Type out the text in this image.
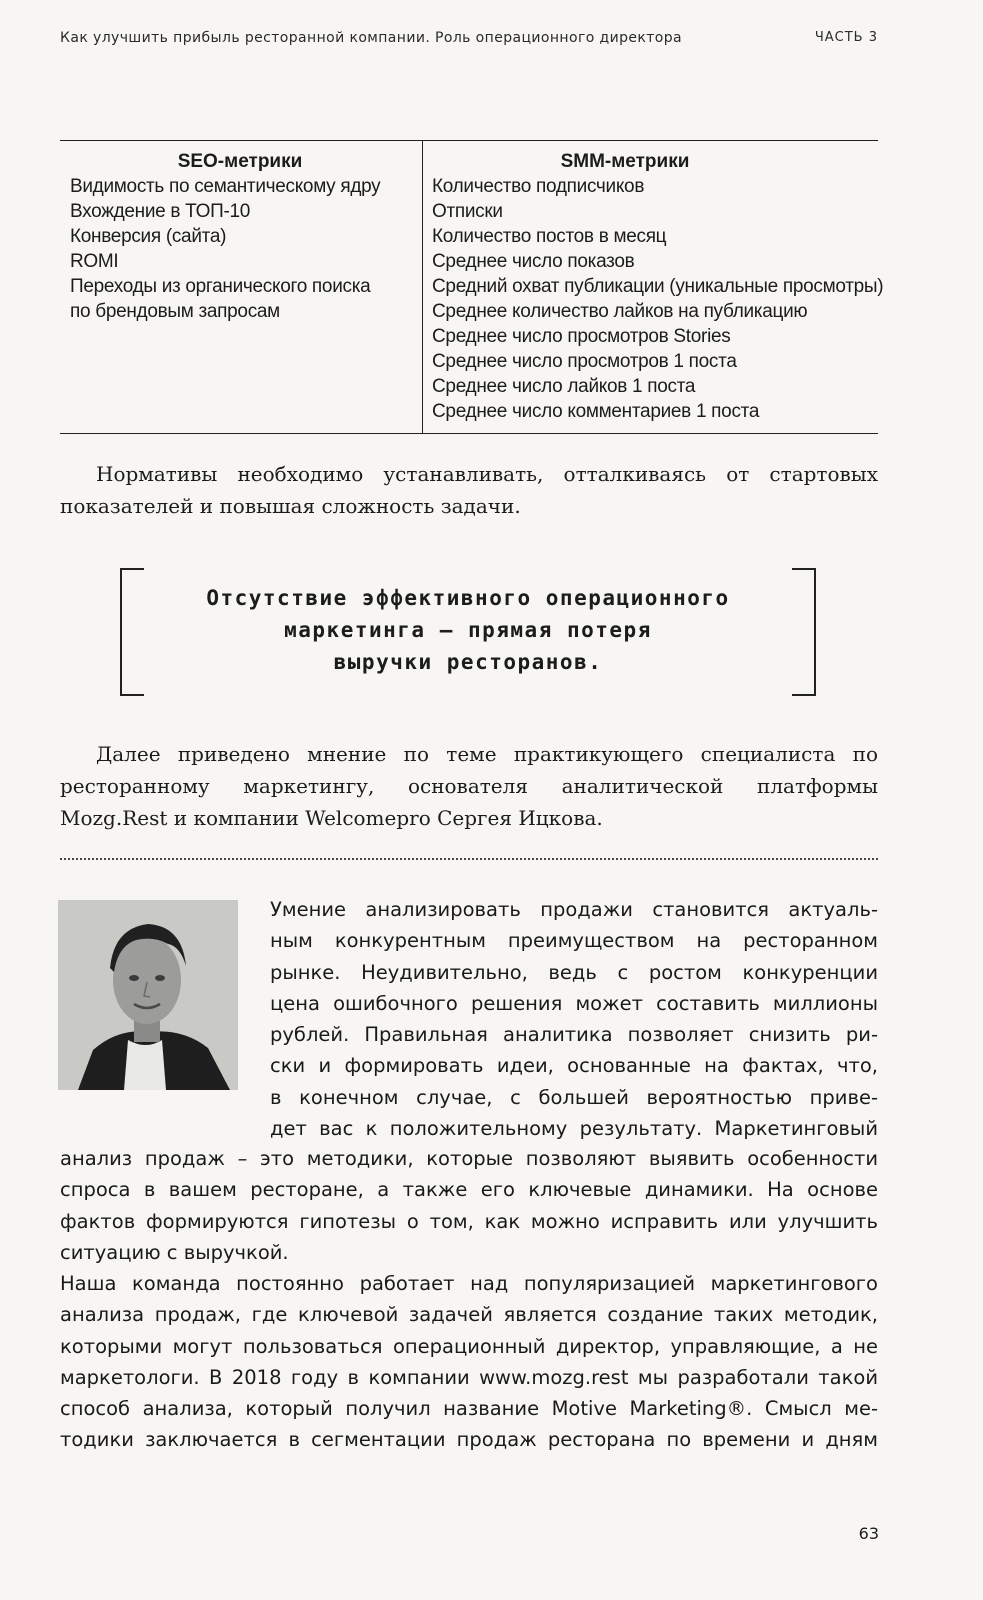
Как улучшить прибыль ресторанной компании. Роль операционного директора	ЧАСТЬ 3
SEO-метрики
Видимость по семантическому ядру
Вхождение в ТОП-10
Конверсия (сайта)
ROMI
Переходы из органического поиска
по брендовым запросам
SMM-метрики
Количество подписчиков
Отписки
Количество постов в месяц
Среднее число показов
Средний охват публикации (уникальные просмотры)
Среднее количество лайков на публикацию
Среднее число просмотров Stories
Среднее число просмотров 1 поста
Среднее число лайков 1 поста
Среднее число комментариев 1 поста
Нормативы необходимо устанавливать, отталкиваясь от стартовых показателей и повышая сложность задачи.
Отсутствие эффективного операционного
маркетинга – прямая потеря
выручки ресторанов.
Далее приведено мнение по теме практикующего специалиста по ресторанному маркетингу, основателя аналитической платформы Mozg.Rest и компании Welcomepro Сергея Ицкова.
Умение анализировать продажи становится актуаль-
ным конкурентным преимуществом на ресторанном
рынке. Неудивительно, ведь с ростом конкуренции
цена ошибочного решения может составить миллионы
рублей. Правильная аналитика позволяет снизить ри-
ски и формировать идеи, основанные на фактах, что,
в конечном случае, с большей вероятностью приве-
дет вас к положительному результату. Маркетинговый
анализ продаж – это методики, которые позволяют выявить особенности
спроса в вашем ресторане, а также его ключевые динамики. На основе
фактов формируются гипотезы о том, как можно исправить или улучшить
ситуацию с выручкой.
Наша команда постоянно работает над популяризацией маркетингового
анализа продаж, где ключевой задачей является создание таких методик,
которыми могут пользоваться операционный директор, управляющие, а не
маркетологи. В 2018 году в компании www.mozg.rest мы разработали такой
способ анализа, который получил название Motive Marketing®. Смысл ме-
тодики заключается в сегментации продаж ресторана по времени и дням
63
